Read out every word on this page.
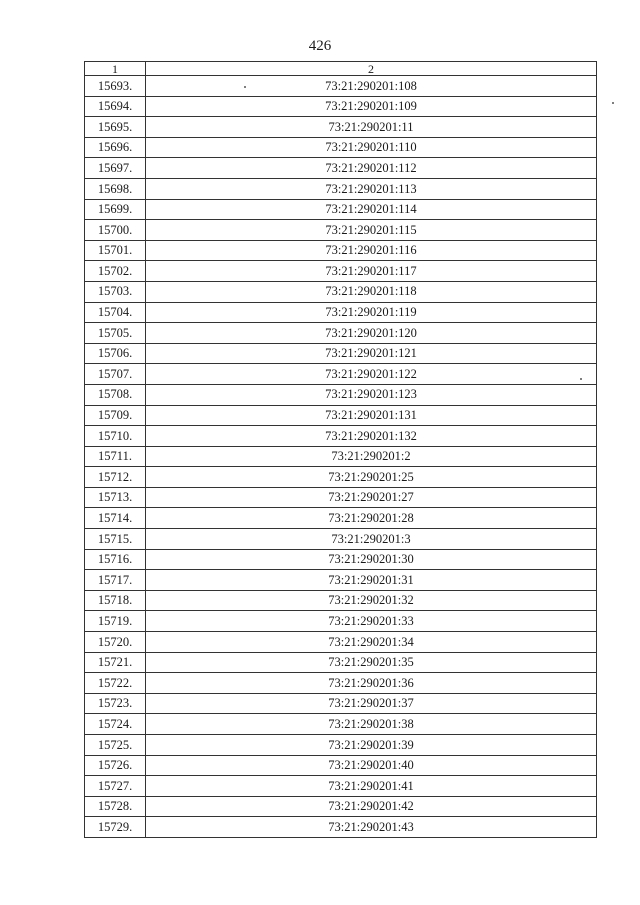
426
1	2
15693.	73:21:290201:108
15694.	73:21:290201:109
15695.	73:21:290201:11
15696.	73:21:290201:110
15697.	73:21:290201:112
15698.	73:21:290201:113
15699.	73:21:290201:114
15700.	73:21:290201:115
15701.	73:21:290201:116
15702.	73:21:290201:117
15703.	73:21:290201:118
15704.	73:21:290201:119
15705.	73:21:290201:120
15706.	73:21:290201:121
15707.	73:21:290201:122
15708.	73:21:290201:123
15709.	73:21:290201:131
15710.	73:21:290201:132
15711.	73:21:290201:2
15712.	73:21:290201:25
15713.	73:21:290201:27
15714.	73:21:290201:28
15715.	73:21:290201:3
15716.	73:21:290201:30
15717.	73:21:290201:31
15718.	73:21:290201:32
15719.	73:21:290201:33
15720.	73:21:290201:34
15721.	73:21:290201:35
15722.	73:21:290201:36
15723.	73:21:290201:37
15724.	73:21:290201:38
15725.	73:21:290201:39
15726.	73:21:290201:40
15727.	73:21:290201:41
15728.	73:21:290201:42
15729.	73:21:290201:43
